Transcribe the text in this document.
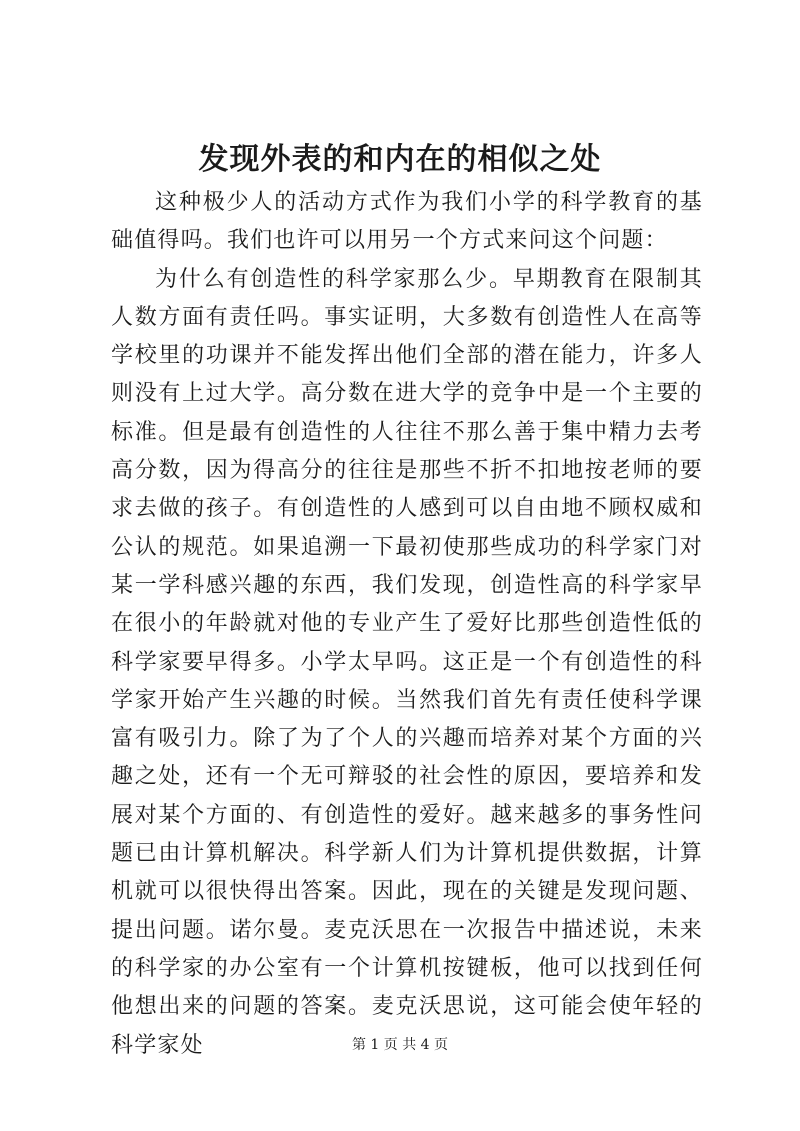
发现外表的和内在的相似之处

这种极少人的活动方式作为我们小学的科学教育的基础值得吗。我们也许可以用另一个方式来问这个问题：

为什么有创造性的科学家那么少。早期教育在限制其人数方面有责任吗。事实证明，大多数有创造性人在高等学校里的功课并不能发挥出他们全部的潜在能力，许多人则没有上过大学。高分数在进大学的竞争中是一个主要的标准。但是最有创造性的人往往不那么善于集中精力去考高分数，因为得高分的往往是那些不折不扣地按老师的要求去做的孩子。有创造性的人感到可以自由地不顾权威和公认的规范。如果追溯一下最初使那些成功的科学家门对某一学科感兴趣的东西，我们发现，创造性高的科学家早在很小的年龄就对他的专业产生了爱好比那些创造性低的科学家要早得多。小学太早吗。这正是一个有创造性的科学家开始产生兴趣的时候。当然我们首先有责任使科学课富有吸引力。除了为了个人的兴趣而培养对某个方面的兴趣之处，还有一个无可辩驳的社会性的原因，要培养和发展对某个方面的、有创造性的爱好。越来越多的事务性问题已由计算机解决。科学新人们为计算机提供数据，计算机就可以很快得出答案。因此，现在的关键是发现问题、提出问题。诺尔曼。麦克沃思在一次报告中描述说，未来的科学家的办公室有一个计算机按键板，他可以找到任何他想出来的问题的答案。麦克沃思说，这可能会使年轻的科学家处	第 1 页 共 4 页
